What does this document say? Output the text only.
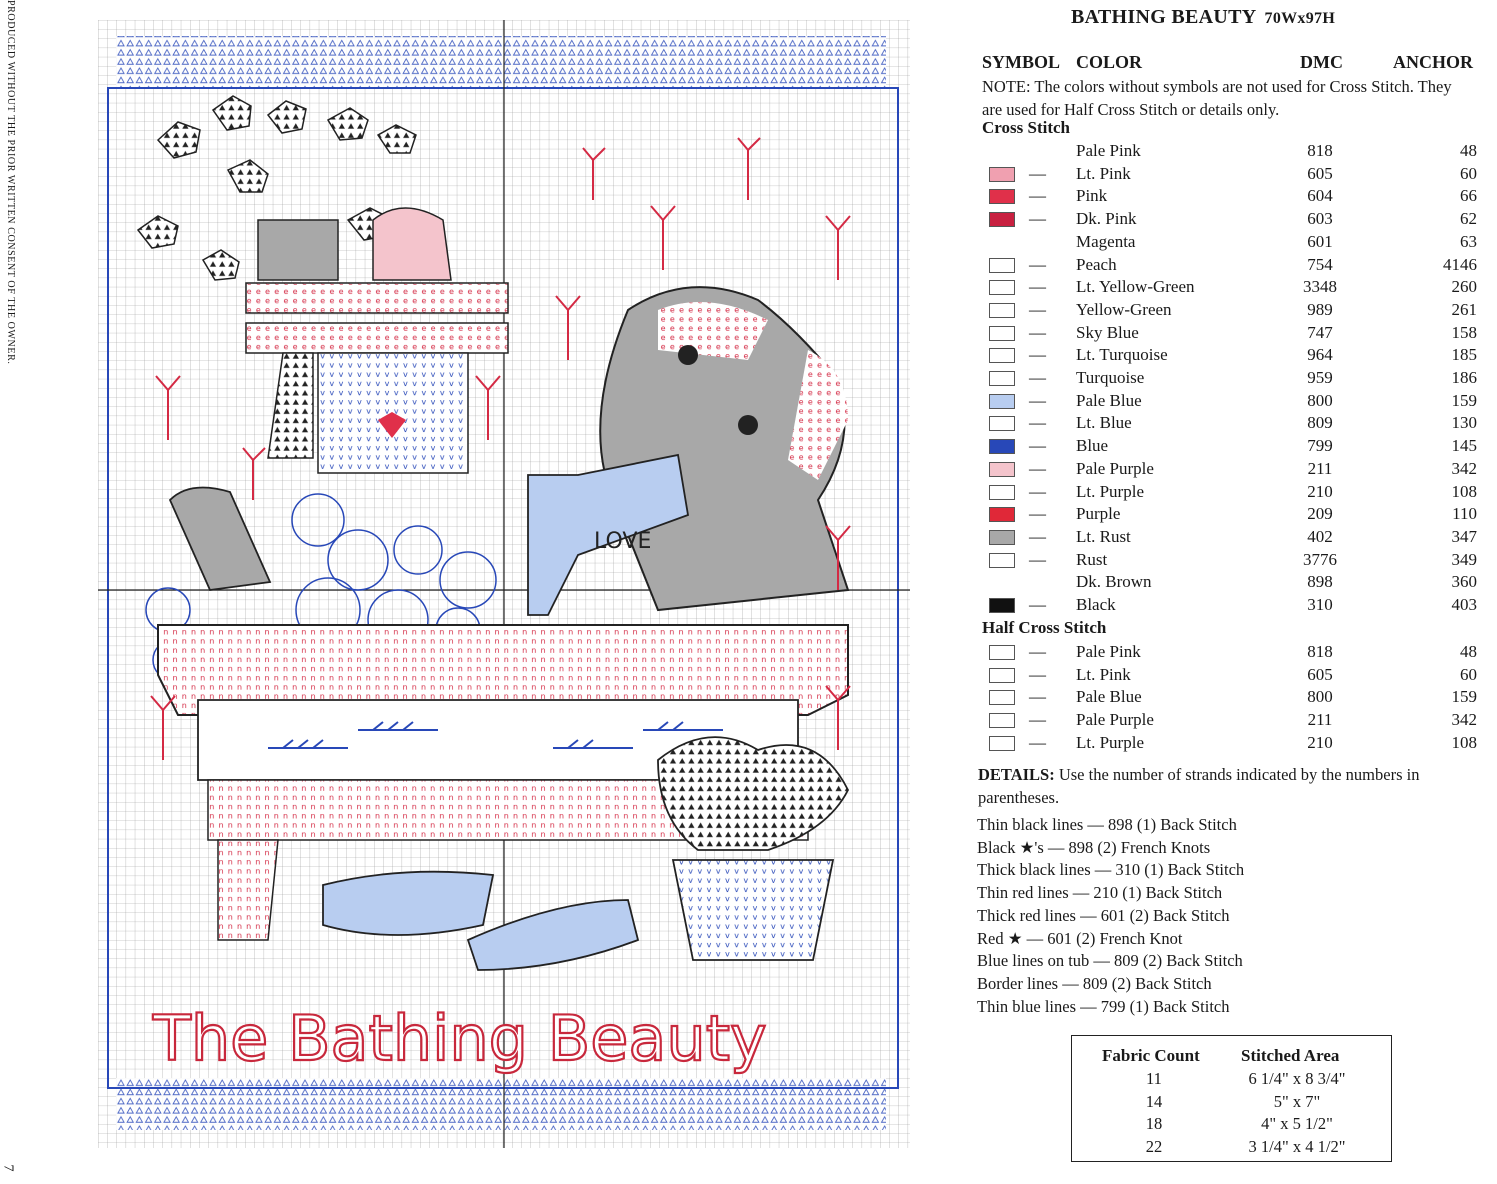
PRODUCED WITHOUT THE PRIOR WRITTEN CONSENT OF THE OWNER.
7
LOVE
The Bathing Beauty
BATHING BEAUTY 70Wx97H
SYMBOL COLOR	DMC	ANCHOR
NOTE: The colors without symbols are not used for Cross Stitch. They are used for Half Cross Stitch or details only.
Cross Stitch
Pale Pink	818	48
— Lt. Pink	605	60
— Pink	604	66
— Dk. Pink	603	62
Magenta	601	63
— Peach	754	4146
— Lt. Yellow-Green	3348	260
— Yellow-Green	989	261
— Sky Blue	747	158
— Lt. Turquoise	964	185
— Turquoise	959	186
— Pale Blue	800	159
— Lt. Blue	809	130
— Blue	799	145
— Pale Purple	211	342
— Lt. Purple	210	108
— Purple	209	110
— Lt. Rust	402	347
— Rust	3776	349
Dk. Brown	898	360
— Black	310	403
Half Cross Stitch
— Pale Pink	818	48
— Lt. Pink	605	60
— Pale Blue	800	159
— Pale Purple	211	342
— Lt. Purple	210	108
DETAILS: Use the number of strands indicated by the numbers in parentheses.
Thin black lines — 898 (1) Back Stitch
Black ★'s — 898 (2) French Knots
Thick black lines — 310 (1) Back Stitch
Thin red lines — 210 (1) Back Stitch
Thick red lines — 601 (2) Back Stitch
Red ★ — 601 (2) French Knot
Blue lines on tub — 809 (2) Back Stitch
Border lines — 809 (2) Back Stitch
Thin blue lines — 799 (1) Back Stitch
Fabric Count Stitched Area
11	6 1/4" x 8 3/4"
14	5" x 7"
18	4" x 5 1/2"
22	3 1/4" x 4 1/2"
